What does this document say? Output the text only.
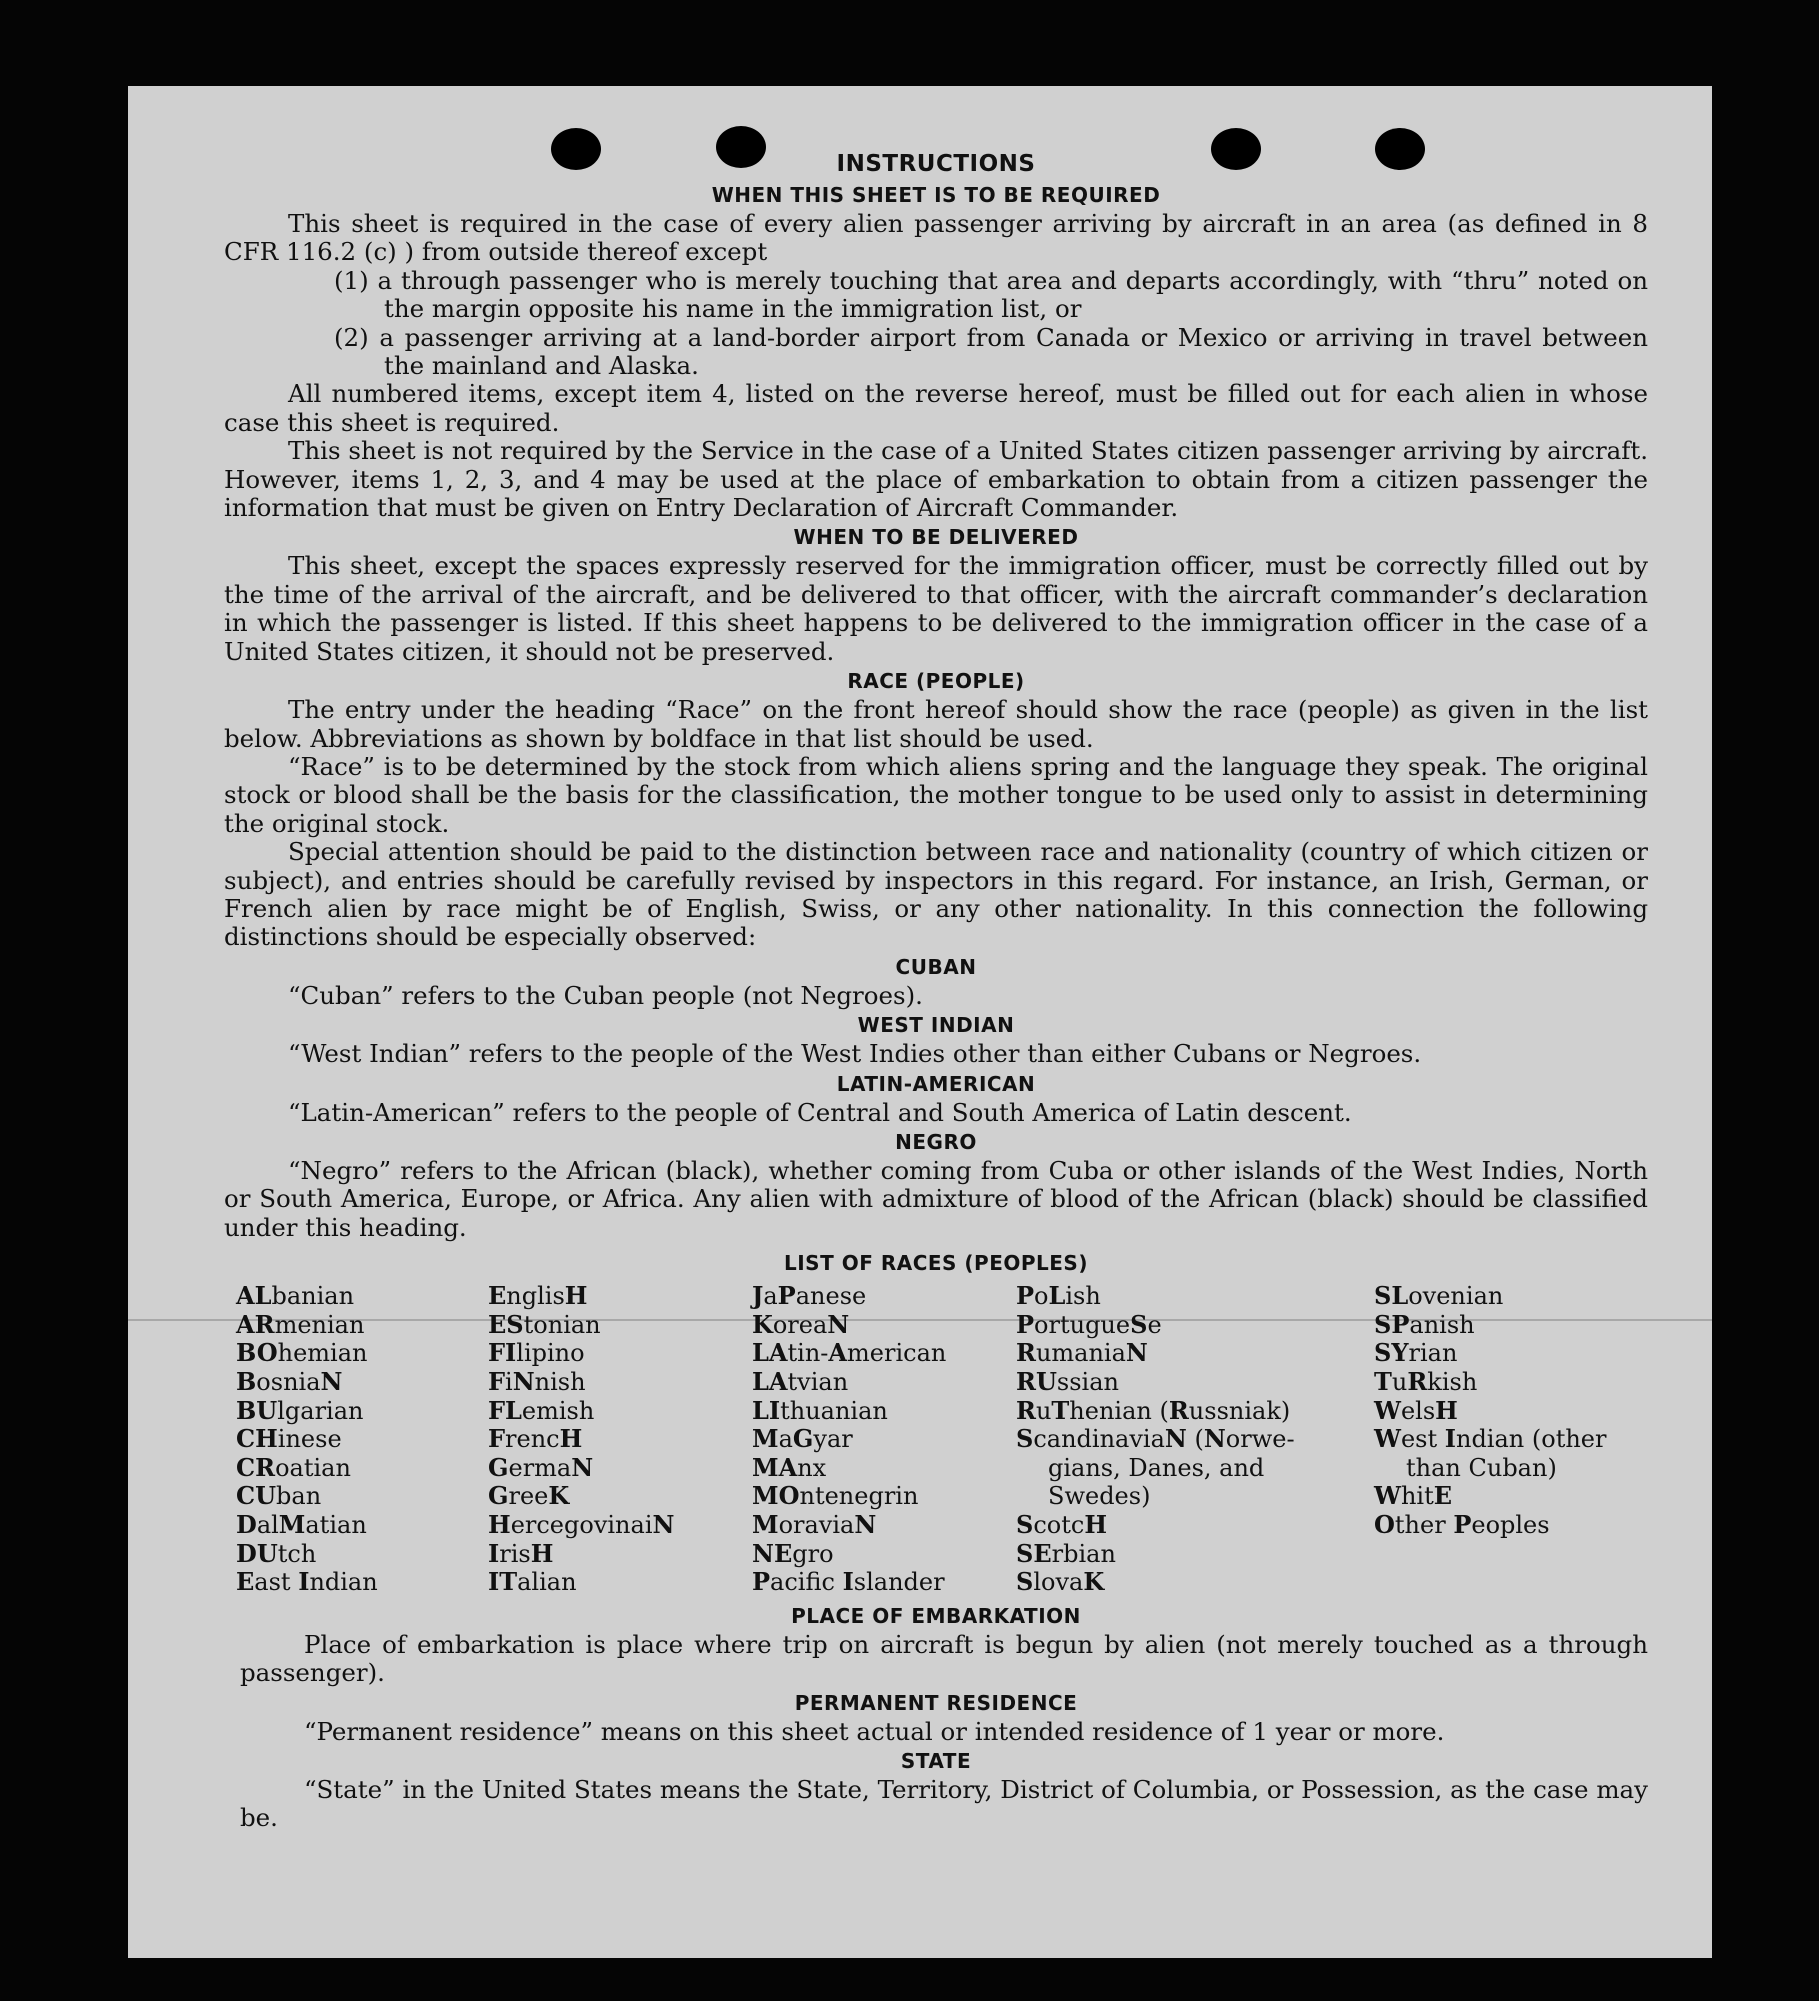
INSTRUCTIONS
WHEN THIS SHEET IS TO BE REQUIRED

This sheet is required in the case of every alien passenger arriving by aircraft in an area (as defined in 8 CFR 116.2 (c) ) from outside thereof except

(1) a through passenger who is merely touching that area and departs accordingly, with “thru” noted on the margin opposite his name in the immigration list, or

(2) a passenger arriving at a land-border airport from Canada or Mexico or arriving in travel between the mainland and Alaska.

All numbered items, except item 4, listed on the reverse hereof, must be filled out for each alien in whose case this sheet is required.

This sheet is not required by the Service in the case of a United States citizen passenger arriving by aircraft. However, items 1, 2, 3, and 4 may be used at the place of embarkation to obtain from a citizen passenger the information that must be given on Entry Declaration of Aircraft Commander.

WHEN TO BE DELIVERED

This sheet, except the spaces expressly reserved for the immigration officer, must be correctly filled out by the time of the arrival of the aircraft, and be delivered to that officer, with the aircraft commander’s declaration in which the passenger is listed. If this sheet happens to be delivered to the immigration officer in the case of a United States citizen, it should not be preserved.

RACE (PEOPLE)

The entry under the heading “Race” on the front hereof should show the race (people) as given in the list below. Abbreviations as shown by boldface in that list should be used.

“Race” is to be determined by the stock from which aliens spring and the language they speak. The original stock or blood shall be the basis for the classification, the mother tongue to be used only to assist in determining the original stock.

Special attention should be paid to the distinction between race and nationality (country of which citizen or subject), and entries should be carefully revised by inspectors in this regard. For instance, an Irish, German, or French alien by race might be of English, Swiss, or any other nationality. In this connection the following distinctions should be especially observed:

CUBAN

“Cuban” refers to the Cuban people (not Negroes).

WEST INDIAN

“West Indian” refers to the people of the West Indies other than either Cubans or Negroes.

LATIN-AMERICAN

“Latin-American” refers to the people of Central and South America of Latin descent.

NEGRO

“Negro” refers to the African (black), whether coming from Cuba or other islands of the West Indies, North or South America, Europe, or Africa. Any alien with admixture of blood of the African (black) should be classified under this heading.

LIST OF RACES (PEOPLES)
ALbanian
ARmenian
BOhemian
BosniaN
BUlgarian
CHinese
CRoatian
CUban
DalMatian
DUtch
East Indian
EnglisH
EStonian
FIlipino
FiNnish
FLemish
FrencH
GermaN
GreeK
HercegovinaiN
IrisH
ITalian
JaPanese
KoreaN
LAtin-American
LAtvian
LIthuanian
MaGyar
MAnx
MOntenegrin
MoraviaN
NEgro
Pacific Islander
PoLish
PortugueSe
RumaniaN
RUssian
RuThenian (Russniak)
ScandinaviaN (Norwe-
gians, Danes, and
Swedes)
ScotcH
SErbian
SlovaK
SLovenian
SPanish
SYrian
TuRkish
WelsH
West Indian (other
than Cuban)
WhitE
Other Peoples
PLACE OF EMBARKATION

Place of embarkation is place where trip on aircraft is begun by alien (not merely touched as a through passenger).

PERMANENT RESIDENCE

“Permanent residence” means on this sheet actual or intended residence of 1 year or more.

STATE

“State” in the United States means the State, Territory, District of Columbia, or Possession, as the case may be.
